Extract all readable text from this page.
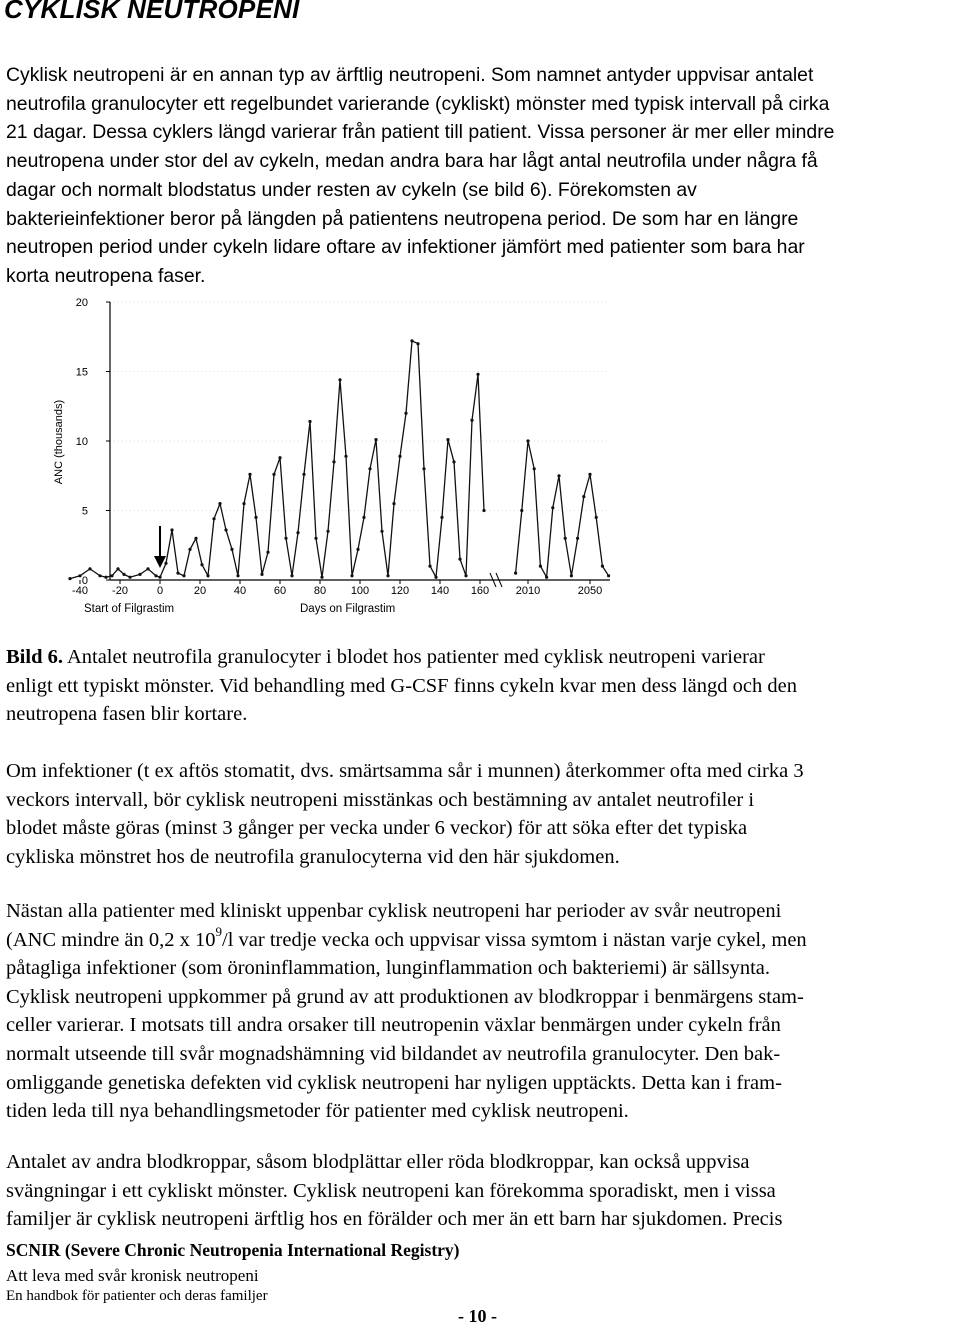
CYKLISK NEUTROPENI

Cyklisk neutropeni är en annan typ av ärftlig neutropeni. Som namnet antyder uppvisar antalet
neutrofila granulocyter ett regelbundet varierande (cykliskt) mönster med typisk intervall på cirka
21 dagar. Dessa cyklers längd varierar från patient till patient. Vissa personer är mer eller mindre
neutropena under stor del av cykeln, medan andra bara har lågt antal neutrofila under några få
dagar och normalt blodstatus under resten av cykeln (se bild 6). Förekomsten av
bakterieinfektioner beror på längden på patientens neutropena period. De som har en längre
neutropen period under cykeln lidare oftare av infektioner jämfört med patienter som bara har
korta neutropena faser.

20
15
10
5
0
-40 -20	0	20	40	60	80 100 120 140 160 2010	2050
ANC (thousands)
Start of Filgrastim	Days on Filgrastim

Bild 6. Antalet neutrofila granulocyter i blodet hos patienter med cyklisk neutropeni varierar
enligt ett typiskt mönster. Vid behandling med G-CSF finns cykeln kvar men dess längd och den
neutropena fasen blir kortare.

Om infektioner (t ex aftös stomatit, dvs. smärtsamma sår i munnen) återkommer ofta med cirka 3
veckors intervall, bör cyklisk neutropeni misstänkas och bestämning av antalet neutrofiler i
blodet måste göras (minst 3 gånger per vecka under 6 veckor) för att söka efter det typiska
cykliska mönstret hos de neutrofila granulocyterna vid den här sjukdomen.

Nästan alla patienter med kliniskt uppenbar cyklisk neutropeni har perioder av svår neutropeni
(ANC mindre än 0,2 x $10^9/l$ var tredje vecka och uppvisar vissa symtom i nästan varje cykel, men
påtagliga infektioner (som öroninflammation, lunginflammation och bakteriemi) är sällsynta.
Cyklisk neutropeni uppkommer på grund av att produktionen av blodkroppar i benmärgens stam-
celler varierar. I motsats till andra orsaker till neutropenin växlar benmärgen under cykeln från
normalt utseende till svår mognadshämning vid bildandet av neutrofila granulocyter. Den bak-
omliggande genetiska defekten vid cyklisk neutropeni har nyligen upptäckts. Detta kan i fram-
tiden leda till nya behandlingsmetoder för patienter med cyklisk neutropeni.

Antalet av andra blodkroppar, såsom blodplättar eller röda blodkroppar, kan också uppvisa
svängningar i ett cykliskt mönster. Cyklisk neutropeni kan förekomma sporadiskt, men i vissa
familjer är cyklisk neutropeni ärftlig hos en förälder och mer än ett barn har sjukdomen. Precis

SCNIR (Severe Chronic Neutropenia International Registry)

Att leva med svår kronisk neutropeni

En handbok för patienter och deras familjer

- 10 -
